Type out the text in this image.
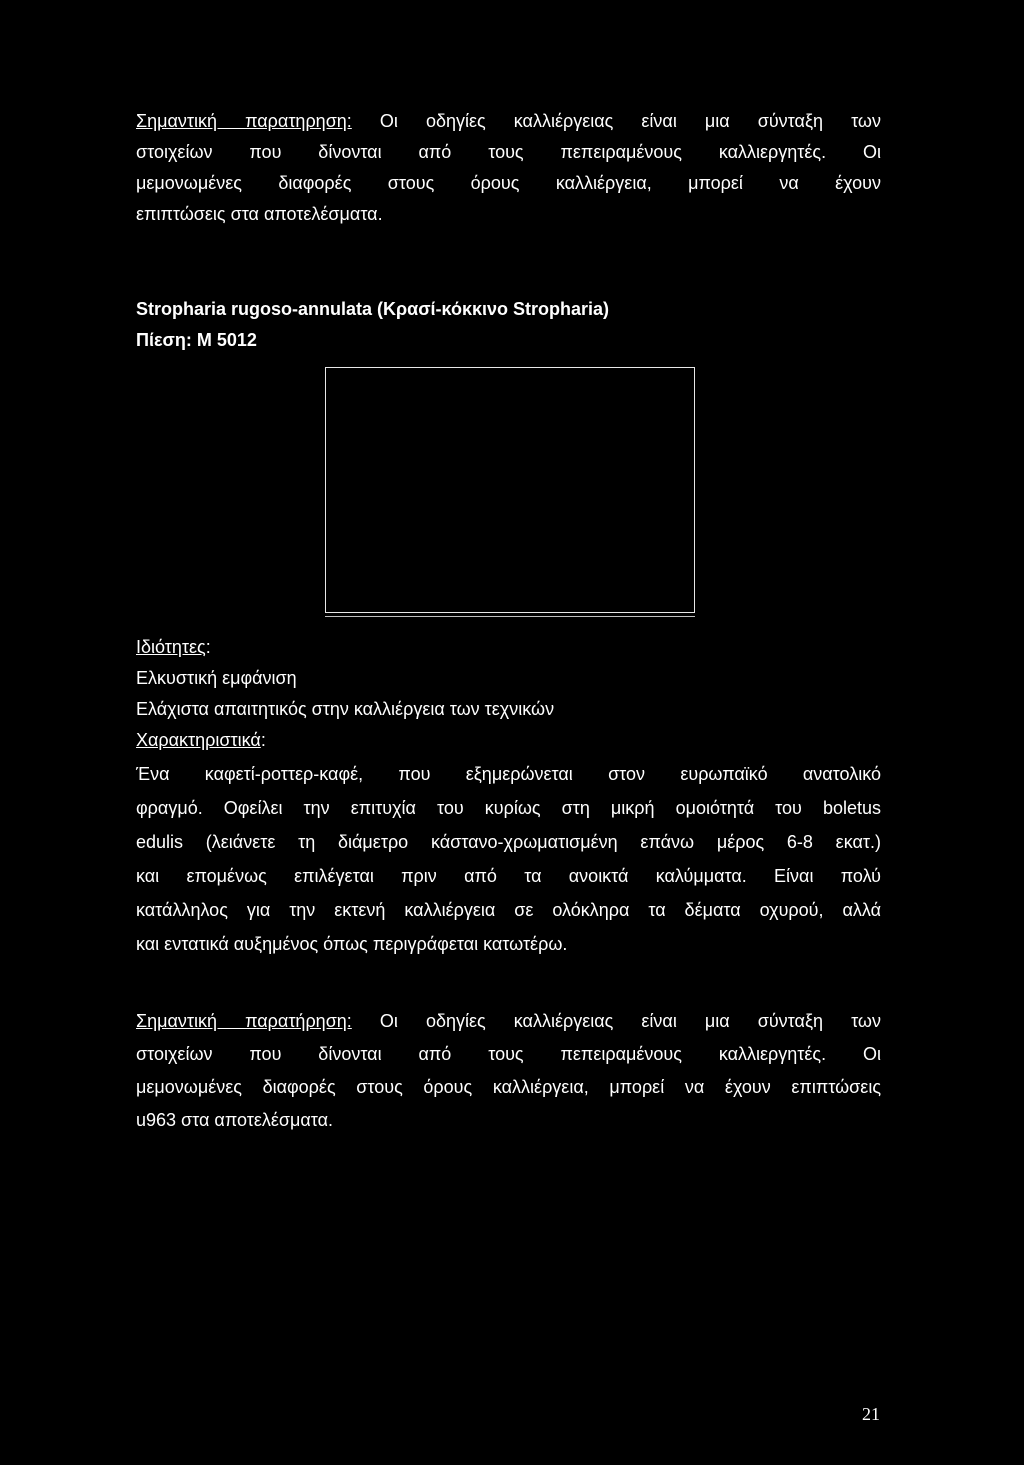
Σημαντική παρατηρηση: Οι οδηγίες καλλιέργειας είναι μια σύνταξη των
στοιχείων που δίνονται από τους πεπειραμένους καλλιεργητές. Οι
μεμονωμένες διαφορές στους όρους καλλιέργεια, μπορεί να έχουν
επιπτώσεις στα αποτελέσματα.
Stropharia rugoso-annulata (Κρασί-κόκκινο Stropharia)
Πίεση: M 5012
Ιδιότητες:
Ελκυστική εμφάνιση
Ελάχιστα απαιτητικός στην καλλιέργεια των τεχνικών
Χαρακτηριστικά:
Ένα καφετί-ροττερ-καφέ, που εξημερώνεται στον ευρωπαϊκό ανατολικό
φραγμό. Οφείλει την επιτυχία του κυρίως στη μικρή ομοιότητά του boletus
edulis (λειάνετε τη διάμετρο κάστανο-χρωματισμένη επάνω μέρος 6-8 εκατ.)
και επομένως επιλέγεται πριν από τα ανοικτά καλύμματα. Είναι πολύ
κατάλληλος για την εκτενή καλλιέργεια σε ολόκληρα τα δέματα οχυρού, αλλά
και εντατικά αυξημένος όπως περιγράφεται κατωτέρω.
Σημαντική παρατήρηση: Οι οδηγίες καλλιέργειας είναι μια σύνταξη των
στοιχείων που δίνονται από τους πεπειραμένους καλλιεργητές. Οι
μεμονωμένες διαφορές στους όρους καλλιέργεια, μπορεί να έχουν επιπτώσεις
u963 στα αποτελέσματα.
21
